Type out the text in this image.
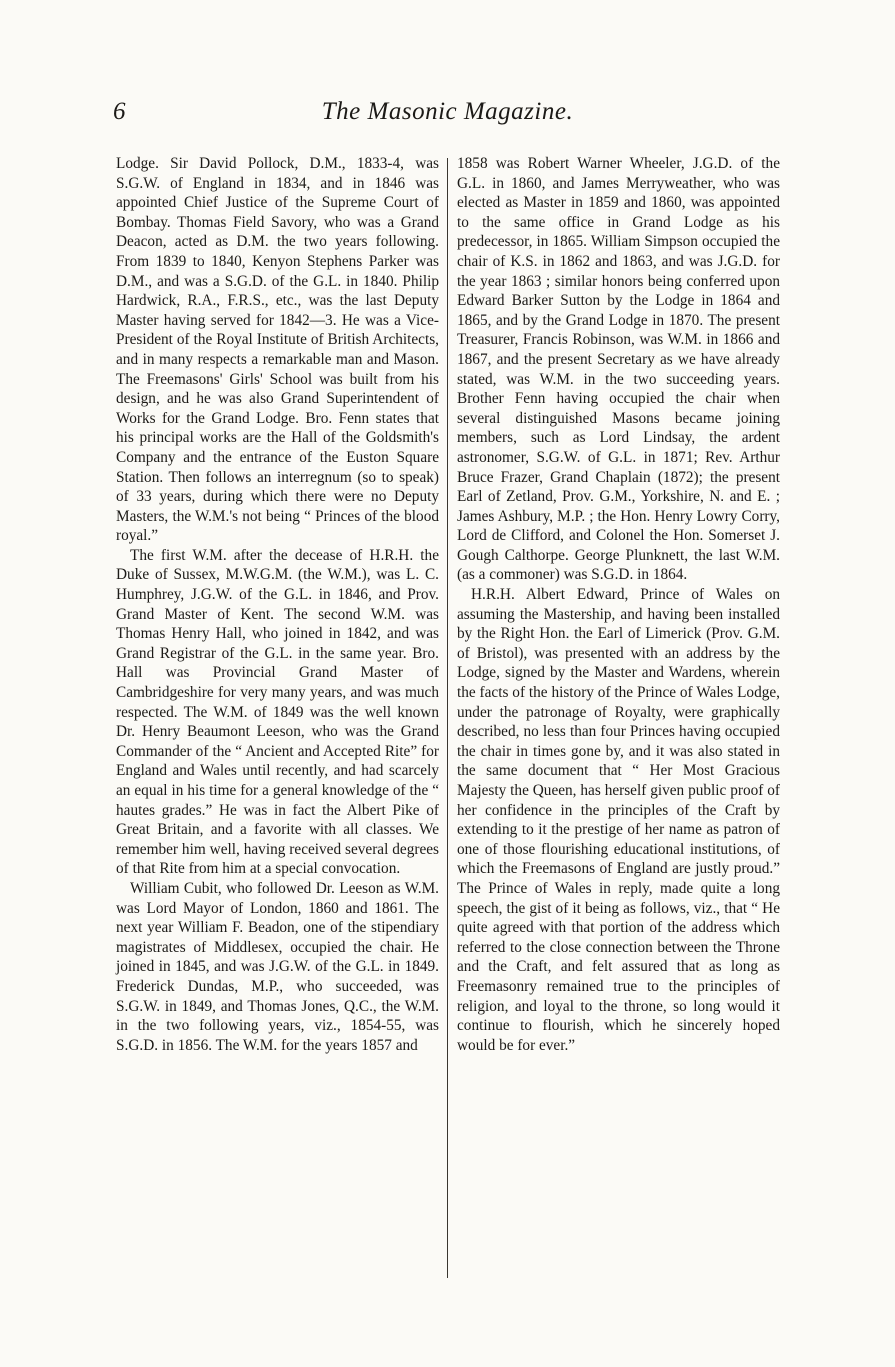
6	The Masonic Magazine.

Lodge. Sir David Pollock, D.M., 1833-4, was S.G.W. of England in 1834, and in 1846 was appointed Chief Justice of the Supreme Court of Bombay. Thomas Field Savory, who was a Grand Deacon, acted as D.M. the two years following. From 1839 to 1840, Kenyon Stephens Parker was D.M., and was a S.G.D. of the G.L. in 1840. Philip Hardwick, R.A., F.R.S., etc., was the last Deputy Master having served for 1842—3. He was a Vice-President of the Royal Institute of British Architects, and in many respects a remarkable man and Mason. The Freemasons' Girls' School was built from his design, and he was also Grand Superintendent of Works for the Grand Lodge. Bro. Fenn states that his principal works are the Hall of the Goldsmith's Company and the entrance of the Euston Square Station. Then follows an interregnum (so to speak) of 33 years, during which there were no Deputy Masters, the W.M.'s not being “ Princes of the blood royal.”

The first W.M. after the decease of H.R.H. the Duke of Sussex, M.W.G.M. (the W.M.), was L. C. Humphrey, J.G.W. of the G.L. in 1846, and Prov. Grand Master of Kent. The second W.M. was Thomas Henry Hall, who joined in 1842, and was Grand Registrar of the G.L. in the same year. Bro. Hall was Provincial Grand Master of Cambridgeshire for very many years, and was much respected. The W.M. of 1849 was the well known Dr. Henry Beaumont Leeson, who was the Grand Commander of the “ Ancient and Accepted Rite” for England and Wales until recently, and had scarcely an equal in his time for a general knowledge of the “ hautes grades.” He was in fact the Albert Pike of Great Britain, and a favorite with all classes. We remember him well, having received several degrees of that Rite from him at a special convocation.

William Cubit, who followed Dr. Leeson as W.M. was Lord Mayor of London, 1860 and 1861. The next year William F. Beadon, one of the stipendiary magistrates of Middlesex, occupied the chair. He joined in 1845, and was J.G.W. of the G.L. in 1849. Frederick Dundas, M.P., who succeeded, was S.G.W. in 1849, and Thomas Jones, Q.C., the W.M. in the two following years, viz., 1854-55, was S.G.D. in 1856. The W.M. for the years 1857 and

1858 was Robert Warner Wheeler, J.G.D. of the G.L. in 1860, and James Merryweather, who was elected as Master in 1859 and 1860, was appointed to the same office in Grand Lodge as his predecessor, in 1865. William Simpson occupied the chair of K.S. in 1862 and 1863, and was J.G.D. for the year 1863 ; similar honors being conferred upon Edward Barker Sutton by the Lodge in 1864 and 1865, and by the Grand Lodge in 1870. The present Treasurer, Francis Robinson, was W.M. in 1866 and 1867, and the present Secretary as we have already stated, was W.M. in the two succeeding years. Brother Fenn having occupied the chair when several distinguished Masons became joining members, such as Lord Lindsay, the ardent astronomer, S.G.W. of G.L. in 1871; Rev. Arthur Bruce Frazer, Grand Chaplain (1872); the present Earl of Zetland, Prov. G.M., Yorkshire, N. and E. ; James Ashbury, M.P. ; the Hon. Henry Lowry Corry, Lord de Clifford, and Colonel the Hon. Somerset J. Gough Calthorpe. George Plunknett, the last W.M. (as a commoner) was S.G.D. in 1864.

H.R.H. Albert Edward, Prince of Wales on assuming the Mastership, and having been installed by the Right Hon. the Earl of Limerick (Prov. G.M. of Bristol), was presented with an address by the Lodge, signed by the Master and Wardens, wherein the facts of the history of the Prince of Wales Lodge, under the patronage of Royalty, were graphically described, no less than four Princes having occupied the chair in times gone by, and it was also stated in the same document that “ Her Most Gracious Majesty the Queen, has herself given public proof of her confidence in the principles of the Craft by extending to it the prestige of her name as patron of one of those flourishing educational institutions, of which the Freemasons of England are justly proud.” The Prince of Wales in reply, made quite a long speech, the gist of it being as follows, viz., that “ He quite agreed with that portion of the address which referred to the close connection between the Throne and the Craft, and felt assured that as long as Freemasonry remained true to the principles of religion, and loyal to the throne, so long would it continue to flourish, which he sincerely hoped would be for ever.”
